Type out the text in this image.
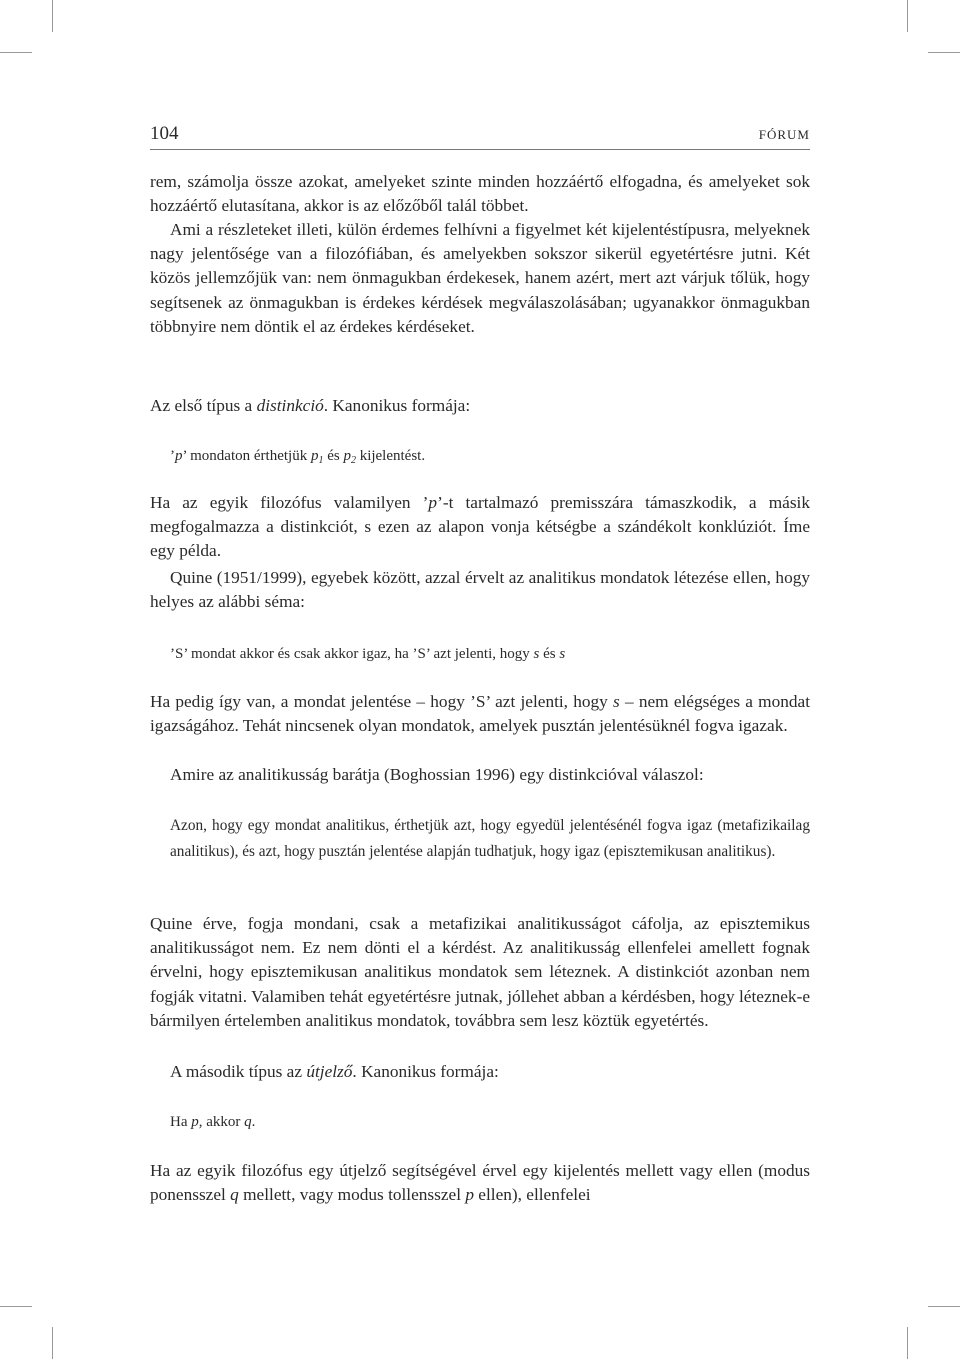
104	FÓRUM

rem, számolja össze azokat, amelyeket szinte minden hozzáértő elfogadna, és amelyeket sok hozzáértő elutasítana, akkor is az előzőből talál többet.

Ami a részleteket illeti, külön érdemes felhívni a figyelmet két kijelentéstípusra, melyeknek nagy jelentősége van a filozófiában, és amelyekben sokszor sikerül egyetértésre jutni. Két közös jellemzőjük van: nem önmagukban érdekesek, hanem azért, mert azt várjuk tőlük, hogy segítsenek az önmagukban is érdekes kérdések megválaszolásában; ugyanakkor önmagukban többnyire nem döntik el az érdekes kérdéseket.

Az első típus a distinkció. Kanonikus formája:

’p’ mondaton érthetjük $p_1$ és $p_2$ kijelentést.

Ha az egyik filozófus valamilyen ’p’-t tartalmazó premisszára támaszkodik, a másik megfogalmazza a distinkciót, s ezen az alapon vonja kétségbe a szándékolt konklúziót. Íme egy példa.

Quine (1951/1999), egyebek között, azzal érvelt az analitikus mondatok létezése ellen, hogy helyes az alábbi séma:

’S’ mondat akkor és csak akkor igaz, ha ’S’ azt jelenti, hogy s és s

Ha pedig így van, a mondat jelentése – hogy ’S’ azt jelenti, hogy s – nem elégséges a mondat igazságához. Tehát nincsenek olyan mondatok, amelyek pusztán jelentésüknél fogva igazak.

Amire az analitikusság barátja (Boghossian 1996) egy distinkcióval válaszol:

Azon, hogy egy mondat analitikus, érthetjük azt, hogy egyedül jelentésénél fogva igaz (metafizikailag analitikus), és azt, hogy pusztán jelentése alapján tudhatjuk, hogy igaz (episztemikusan analitikus).

Quine érve, fogja mondani, csak a metafizikai analitikusságot cáfolja, az episztemikus analitikusságot nem. Ez nem dönti el a kérdést. Az analitikusság ellenfelei amellett fognak érvelni, hogy episztemikusan analitikus mondatok sem léteznek. A distinkciót azonban nem fogják vitatni. Valamiben tehát egyetértésre jutnak, jóllehet abban a kérdésben, hogy léteznek-e bármilyen értelemben analitikus mondatok, továbbra sem lesz köztük egyetértés.

A második típus az útjelző. Kanonikus formája:

Ha p, akkor q.

Ha az egyik filozófus egy útjelző segítségével érvel egy kijelentés mellett vagy ellen (modus ponensszel q mellett, vagy modus tollensszel p ellen), ellenfelei
